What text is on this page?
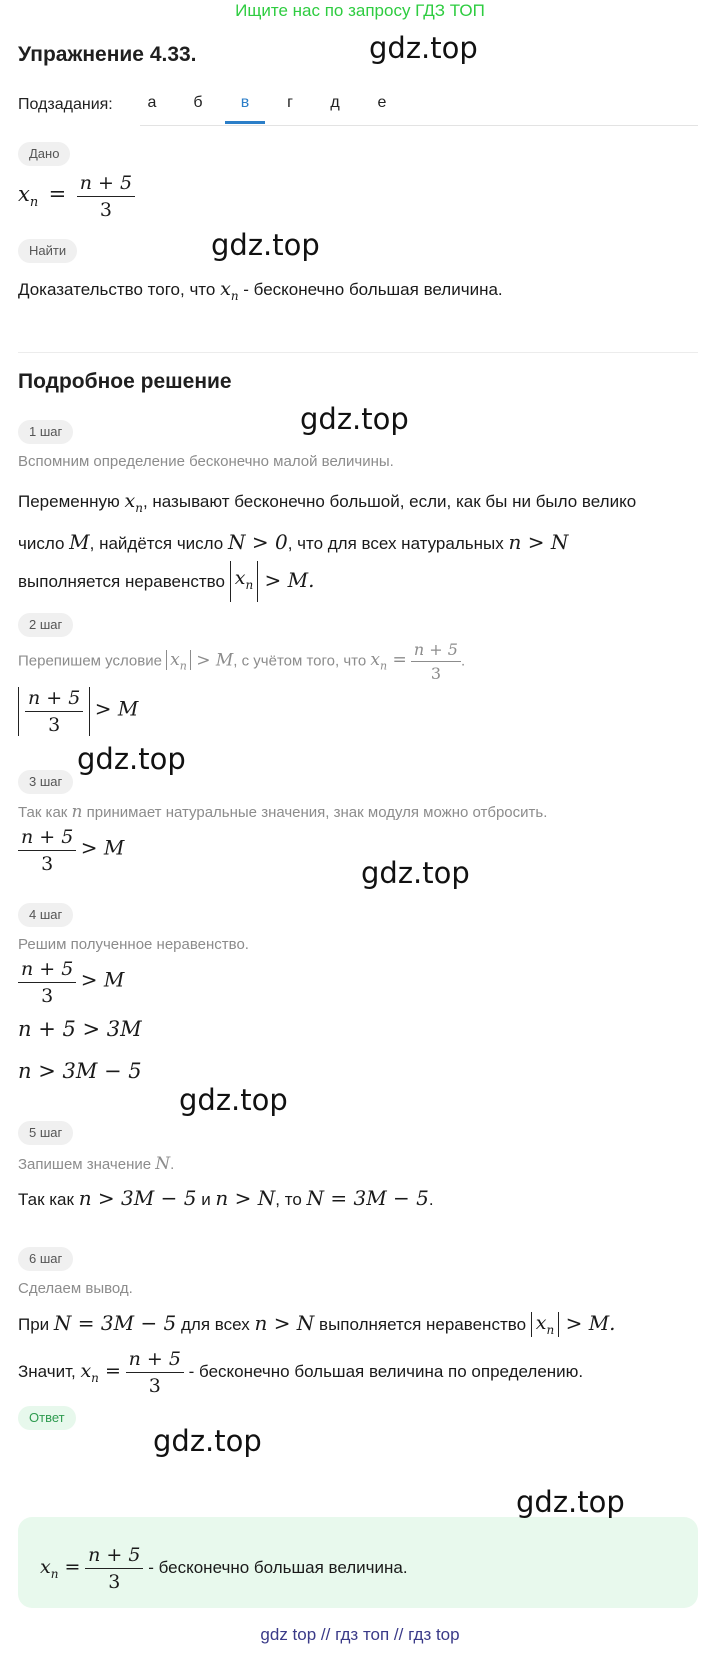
Ищите нас по запросу ГДЗ ТОП
Упражнение 4.33.	gdz.top
Подзадания:	а	б	в	г	д	е
Дано
$x_n = \frac{n + 5}{3}$
Найти	gdz.top
Доказательство того, что $x_n$ - бесконечно большая величина.
Подробное решение
1 шаг	gdz.top
Вспомним определение бесконечно малой величины.
Переменную $x_n$, называют бесконечно большой, если, как бы ни было велико
число M, найдётся число N > 0, что для всех натуральных n > N
выполняется неравенство $x_n > M$.
2 шаг
Перепишем условие $x_n > M$, с учётом того, что $x_n = \frac{n + 5}{3}$ .
$\frac{n + 5}{3} > M$
gdz.top
3 шаг
Так как n принимает натуральные значения, знак модуля можно отбросить.
$\frac{n + 5}{3} > M$
gdz.top
4 шаг
Решим полученное неравенство.
$\frac{n + 5}{3} > M$
n + 5 > 3M
n > 3M − 5
gdz.top
5 шаг
Запишем значение N.
Так как n > 3M − 5 и n > N, то N = 3M − 5.
6 шаг
Сделаем вывод.
При N = 3M − 5 для всех n > N выполняется неравенство $x_n > M$.
Значит, $x_n = \frac{n + 5}{3}$ - бесконечно большая величина по определению.
Ответ
gdz.top
$x_n = \frac{n + 5}{3}$ - бесконечно большая величина.
gdz.top
gdz top // гдз топ // гдз top
